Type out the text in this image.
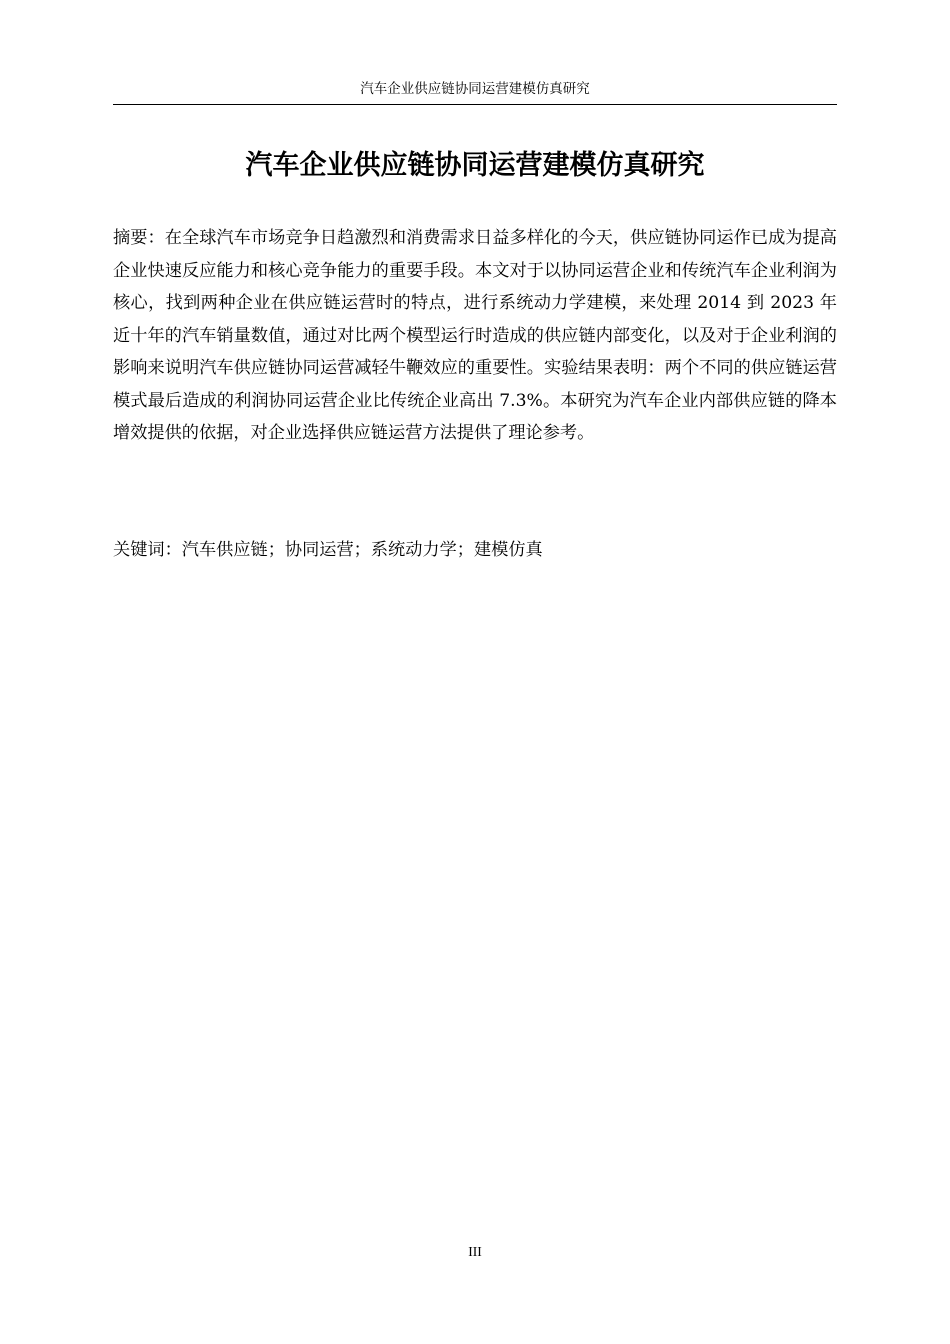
汽车企业供应链协同运营建模仿真研究
汽车企业供应链协同运营建模仿真研究

摘要：在全球汽车市场竞争日趋激烈和消费需求日益多样化的今天，供应链协同运作已成为提高企业快速反应能力和核心竞争能力的重要手段。本文对于以协同运营企业和传统汽车企业利润为核心，找到两种企业在供应链运营时的特点，进行系统动力学建模，来处理 2014 到 2023 年近十年的汽车销量数值，通过对比两个模型运行时造成的供应链内部变化，以及对于企业利润的影响来说明汽车供应链协同运营减轻牛鞭效应的重要性。实验结果表明：两个不同的供应链运营模式最后造成的利润协同运营企业比传统企业高出 7.3%。本研究为汽车企业内部供应链的降本增效提供的依据，对企业选择供应链运营方法提供了理论参考。

关键词：汽车供应链；协同运营；系统动力学；建模仿真

III
